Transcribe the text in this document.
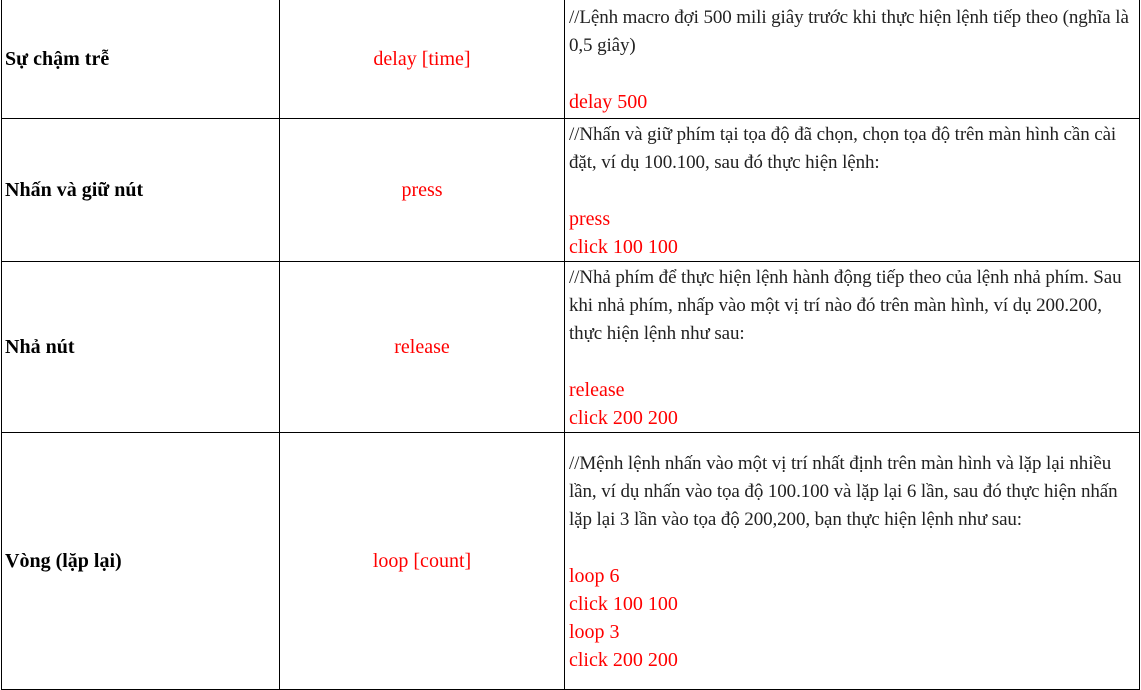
Sự chậm trễ	delay [time]	//Lệnh macro đợi 500 mili giây trước khi thực hiện lệnh tiếp theo (nghĩa là 0,5 giây)
delay 500

Nhấn và giữ nút	press	//Nhấn và giữ phím tại tọa độ đã chọn, chọn tọa độ trên màn hình cần cài đặt, ví dụ 100.100, sau đó thực hiện lệnh:
press
click 100 100

Nhả nút	release	//Nhả phím để thực hiện lệnh hành động tiếp theo của lệnh nhả phím. Sau khi nhả phím, nhấp vào một vị trí nào đó trên màn hình, ví dụ 200.200, thực hiện lệnh như sau:
release
click 200 200

Vòng (lặp lại)	loop [count]	//Mệnh lệnh nhấn vào một vị trí nhất định trên màn hình và lặp lại nhiều lần, ví dụ nhấn vào tọa độ 100.100 và lặp lại 6 lần, sau đó thực hiện nhấn lặp lại 3 lần vào tọa độ 200,200, bạn thực hiện lệnh như sau:
loop 6
click 100 100
loop 3
click 200 200
